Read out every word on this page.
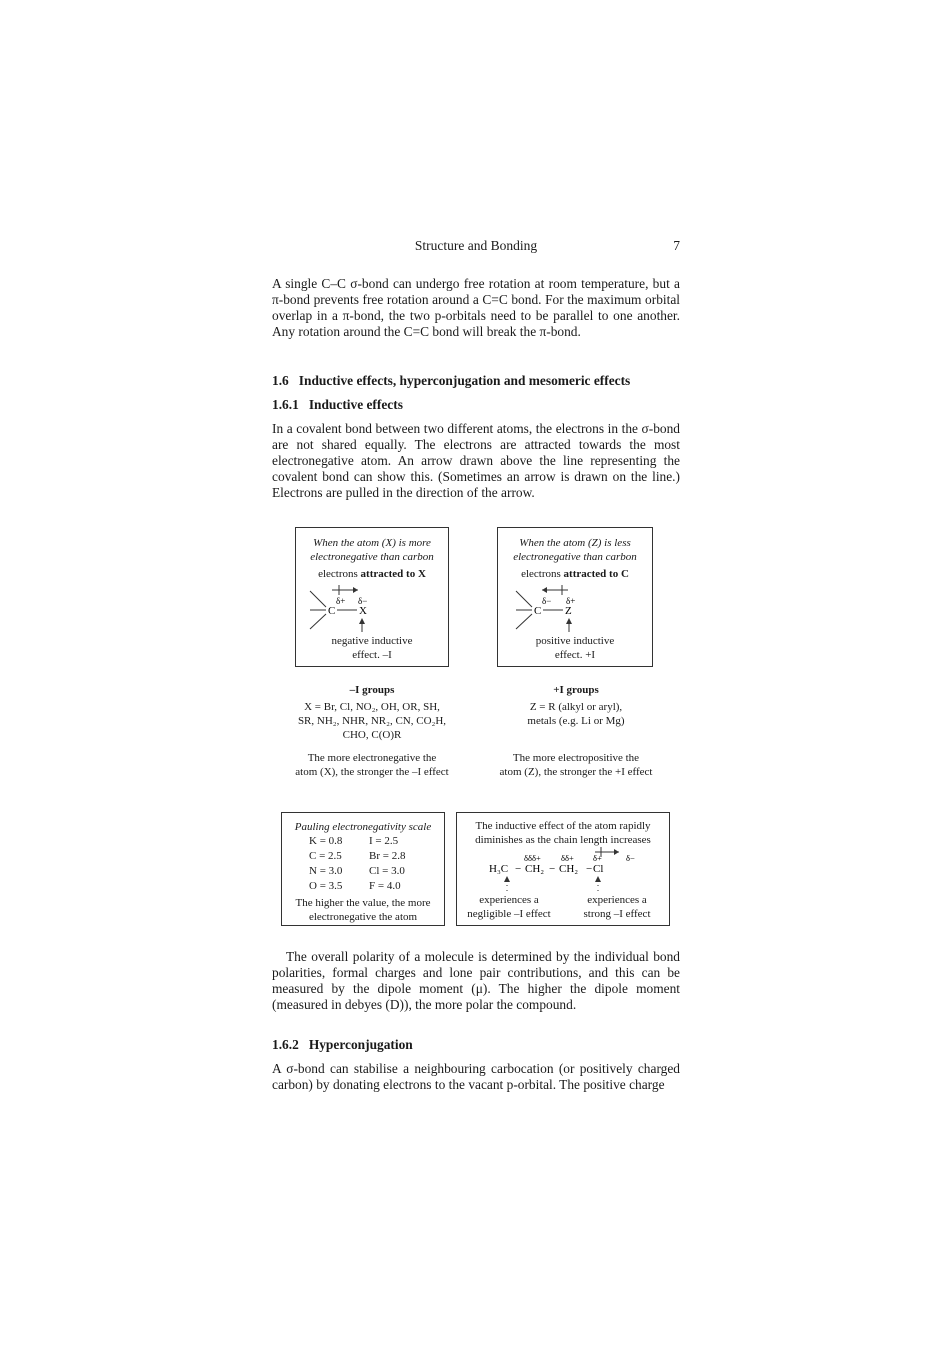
Structure and Bonding	7

A single C–C σ-bond can undergo free rotation at room temperature, but a π-bond prevents free rotation around a C=C bond. For the maximum orbital overlap in a π-bond, the two p-orbitals need to be parallel to one another. Any rotation around the C=C bond will break the π-bond.

1.6   Inductive effects, hyperconjugation and mesomeric effects
1.6.1   Inductive effects

In a covalent bond between two different atoms, the electrons in the σ-bond are not shared equally. The electrons are attracted towards the most electronegative atom. An arrow drawn above the line representing the covalent bond can show this. (Sometimes an arrow is drawn on the line.) Electrons are pulled in the direction of the arrow.

When the atom (X) is more
electronegative than carbon
electrons attracted to X
δ+ δ−
C X
negative inductive
effect. –I
When the atom (Z) is less
electronegative than carbon
electrons attracted to C
δ− δ+
C Z
positive inductive
effect. +I
–I groups
X = Br, Cl, NO₂, OH, OR, SH,
SR, NH₂, NHR, NR₂, CN, CO₂H,
CHO, C(O)R
The more electronegative the
atom (X), the stronger the –I effect
+I groups
Z = R (alkyl or aryl),
metals (e.g. Li or Mg)
The more electropositive the
atom (Z), the stronger the +I effect
Pauling electronegativity scale
K = 0.8	I = 2.5
C = 2.5	Br = 2.8
N = 3.0	Cl = 3.0
O = 3.5	F = 4.0
The higher the value, the more
electronegative the atom
The inductive effect of the atom rapidly
diminishes as the chain length increases
δδδ+ δδ+ δ+	δ−
H₃C − CH₂ − CH₂ − Cl
experiences a
negligible –I effect
experiences a
strong –I effect

The overall polarity of a molecule is determined by the individual bond polarities, formal charges and lone pair contributions, and this can be measured by the dipole moment (μ). The higher the dipole moment (measured in debyes (D)), the more polar the compound.

1.6.2   Hyperconjugation

A σ-bond can stabilise a neighbouring carbocation (or positively charged carbon) by donating electrons to the vacant p-orbital. The positive charge
